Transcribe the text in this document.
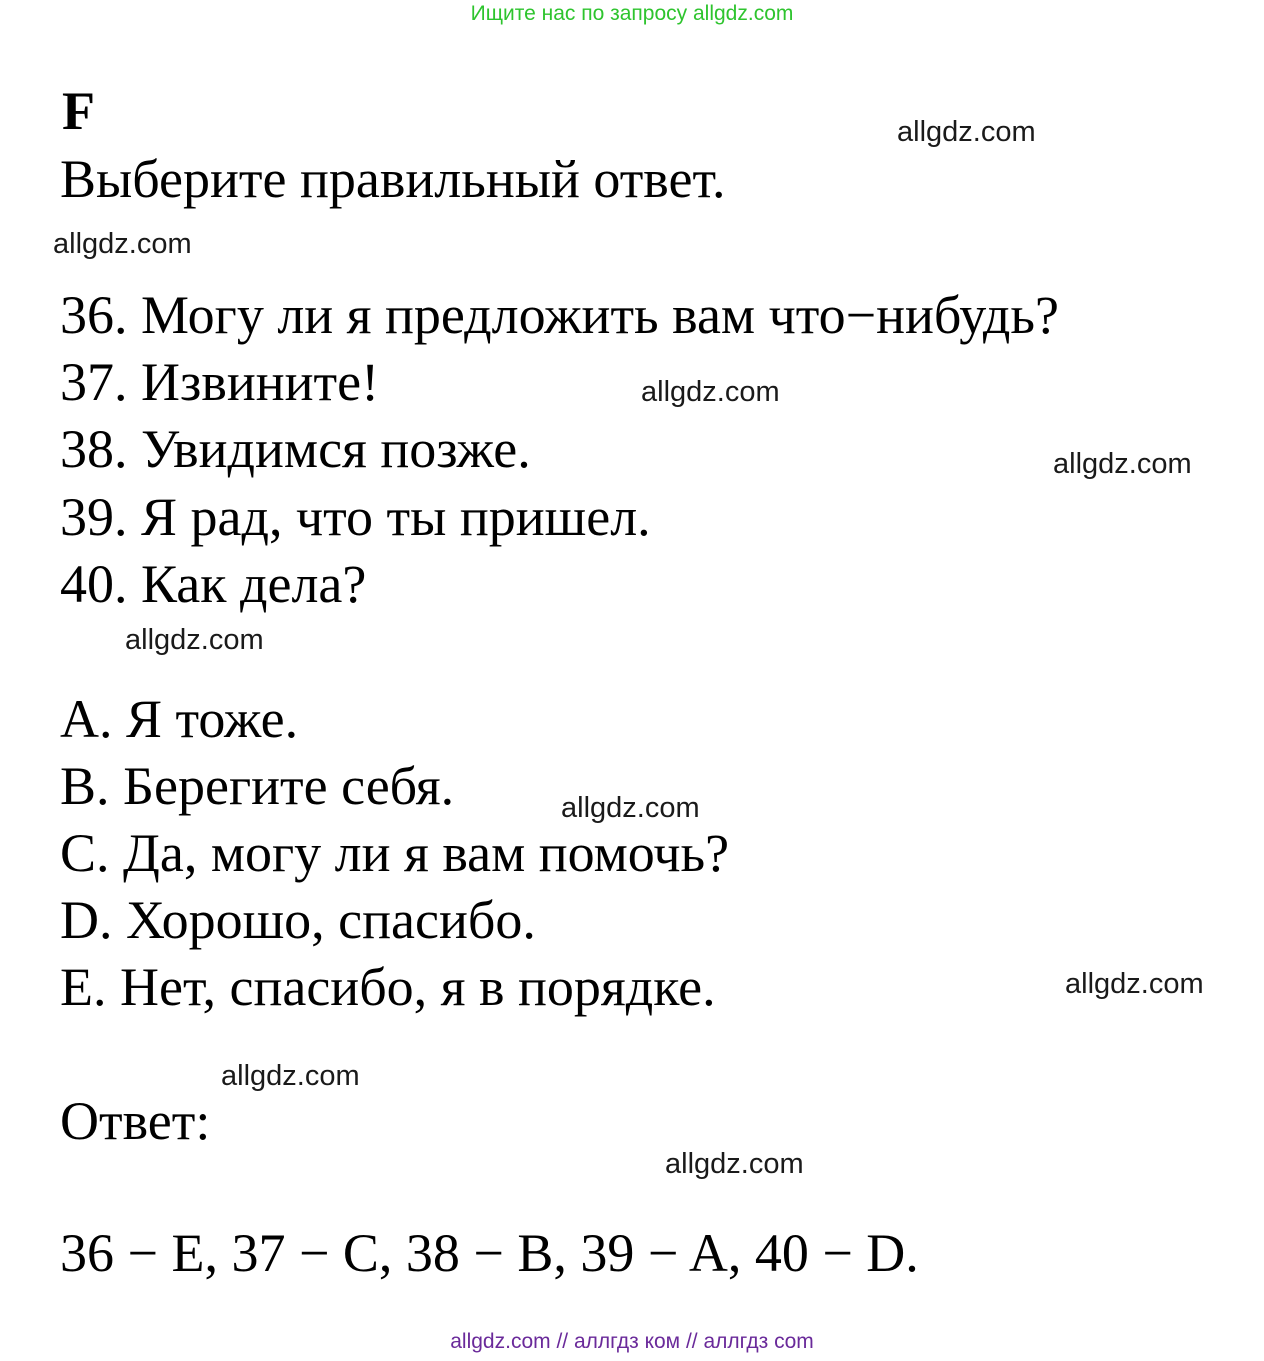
Ищите нас по запросу allgdz.com
F
Выберите правильный ответ.
36. Могу ли я предложить вам что−нибудь?
37. Извините!
38. Увидимся позже.
39. Я рад, что ты пришел.
40. Как дела?
A. Я тоже.
B. Берегите себя.
C. Да, могу ли я вам помочь?
D. Хорошо, спасибо.
E. Нет, спасибо, я в порядке.
Ответ:
36 − E, 37 − C, 38 − B, 39 − A, 40 − D.
allgdz.com
allgdz.com
allgdz.com
allgdz.com
allgdz.com
allgdz.com
allgdz.com
allgdz.com
allgdz.com
allgdz.com // аллгдз ком // аллгдз com
